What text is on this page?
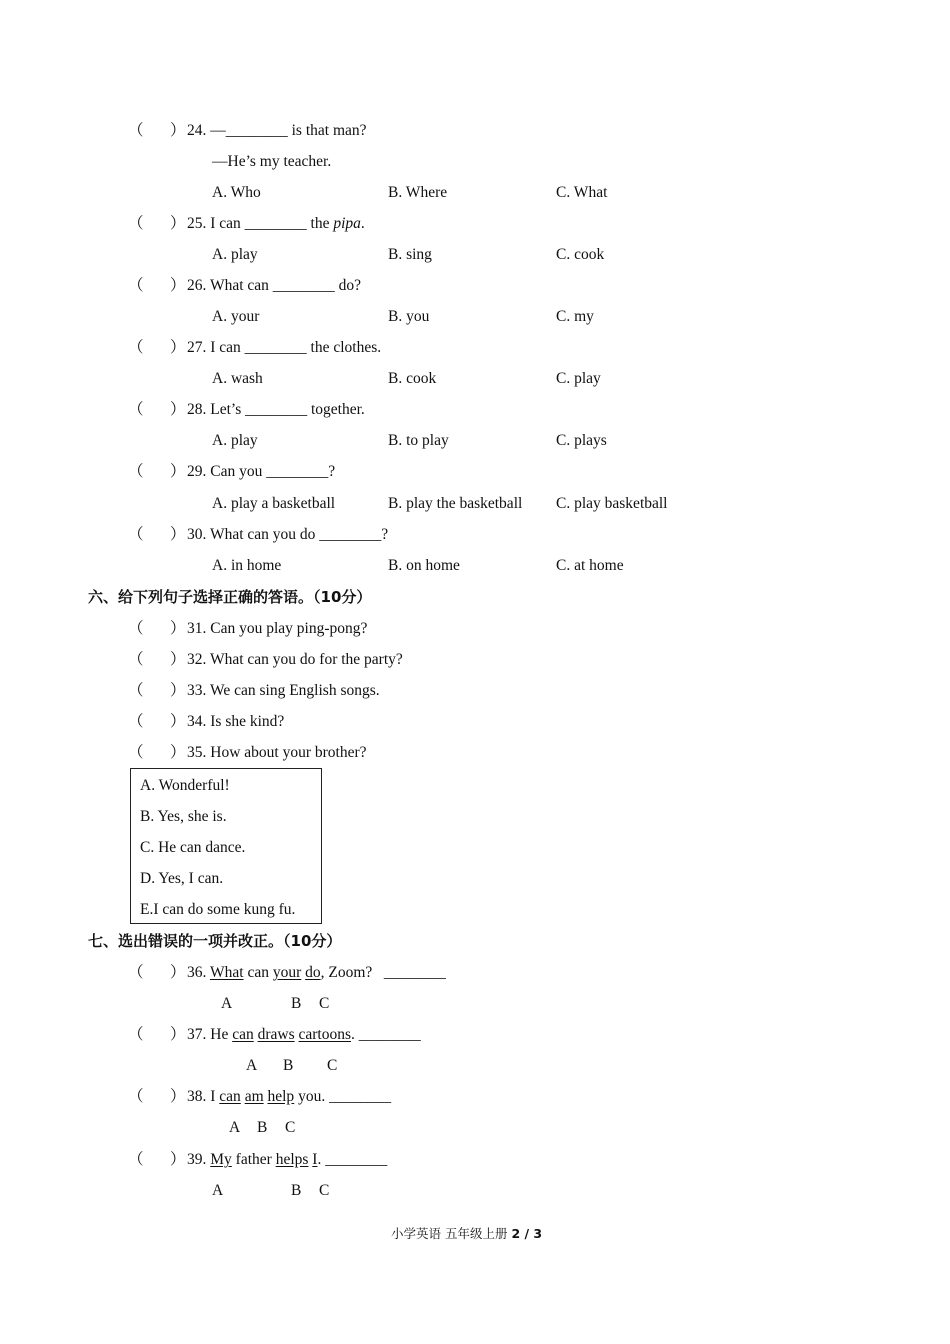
（ ） 24. —________ is that man?
—He’s my teacher.
A. Who	B. Where	C. What
（ ） 25. I can ________ the pipa.
A. play	B. sing	C. cook
（ ） 26. What can ________ do?
A. your	B. you	C. my
（ ） 27. I can ________ the clothes.
A. wash	B. cook	C. play
（ ） 28. Let’s ________ together.
A. play	B. to play	C. plays
（ ） 29. Can you ________?
A. play a basketball	B. play the basketball C. play basketball
（ ） 30. What can you do ________?
A. in home	B. on home	C. at home
六、给下列句子选择正确的答语。（10分）
（ ） 31. Can you play ping-pong?
（ ） 32. What can you do for the party?
（ ） 33. We can sing English songs.
（ ） 34. Is she kind?
（ ） 35. How about your brother?
A. Wonderful!
B. Yes, she is.
C. He can dance.
D. Yes, I can.
E.I can do some kung fu.
七、选出错误的一项并改正。（10分）
（ ） 36. What can your do, Zoom? ________
A	B C
（ ） 37. He can draws cartoons. ________
A B C
（ ） 38. I can am help you. ________
A B C
（ ） 39. My father helps I. ________
A	B C
小学英语 五年级上册 2 / 3
